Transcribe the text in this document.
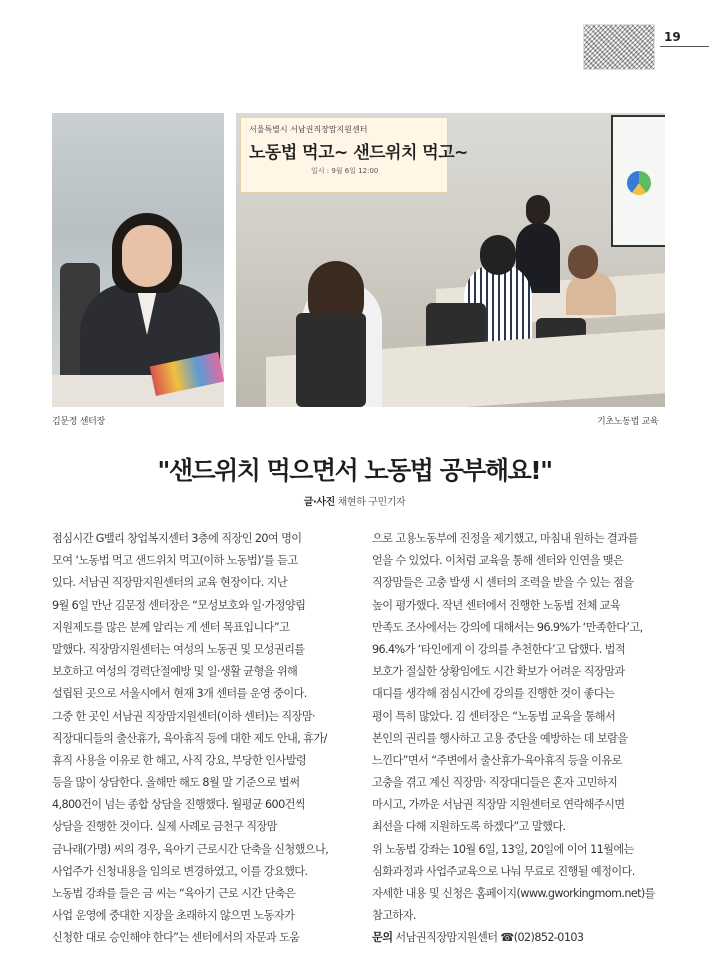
19
서울특별시 서남권직장맘지원센터
노동법 먹고~ 샌드위치 먹고~
일시 : 9월 6일 12:00
김문정 센터장	기초노동법 교육
"샌드위치 먹으면서 노동법 공부해요!"
글·사진 채현하 구민기자
점심시간 G밸리 창업복지센터 3층에 직장인 20여 명이
모여 ‘노동법 먹고 샌드위치 먹고(이하 노동법)’를 듣고
있다. 서남권 직장맘지원센터의 교육 현장이다. 지난
9월 6일 만난 김문정 센터장은 “모성보호와 일·가정양립
지원제도를 많은 분께 알리는 게 센터 목표입니다”고
말했다. 직장맘지원센터는 여성의 노동권 및 모성권리를
보호하고 여성의 경력단절예방 및 일·생활 균형을 위해
설립된 곳으로 서울시에서 현재 3개 센터를 운영 중이다.
그중 한 곳인 서남권 직장맘지원센터(이하 센터)는 직장맘·
직장대디들의 출산휴가, 육아휴직 등에 대한 제도 안내, 휴가/
휴직 사용을 이유로 한 해고, 사직 강요, 부당한 인사발령
등을 많이 상담한다. 올해만 해도 8월 말 기준으로 벌써
4,800건이 넘는 종합 상담을 진행했다. 월평균 600건씩
상담을 진행한 것이다. 실제 사례로 금천구 직장맘
금나래(가명) 씨의 경우, 육아기 근로시간 단축을 신청했으나,
사업주가 신청내용을 임의로 변경하였고, 이를 강요했다.
노동법 강좌를 들은 금 씨는 “육아기 근로 시간 단축은
사업 운영에 중대한 지장을 초래하지 않으면 노동자가
신청한 대로 승인해야 한다”는 센터에서의 자문과 도움
으로 고용노동부에 진정을 제기했고, 마침내 원하는 결과를
얻을 수 있었다. 이처럼 교육을 통해 센터와 인연을 맺은
직장맘들은 고충 발생 시 센터의 조력을 받을 수 있는 점을
높이 평가했다. 작년 센터에서 진행한 노동법 전체 교육
만족도 조사에서는 강의에 대해서는 96.9%가 ‘만족한다’고,
96.4%가 ‘타인에게 이 강의를 추천한다’고 답했다. 법적
보호가 절실한 상황임에도 시간 확보가 어려운 직장맘과
대디를 생각해 점심시간에 강의를 진행한 것이 좋다는
평이 특히 많았다. 김 센터장은 “노동법 교육을 통해서
본인의 권리를 행사하고 고용 중단을 예방하는 데 보람을
느낀다”면서 “주변에서 출산휴가·육아휴직 등을 이유로
고충을 겪고 계신 직장맘· 직장대디들은 혼자 고민하지
마시고, 가까운 서남권 직장맘 지원센터로 연락해주시면
최선을 다해 지원하도록 하겠다”고 말했다.
위 노동법 강좌는 10월 6일, 13일, 20일에 이어 11월에는
심화과정과 사업주교육으로 나눠 무료로 진행될 예정이다.
자세한 내용 및 신청은 홈페이지(www.gworkingmom.net)를
참고하자.
문의 서남권직장맘지원센터 ☎(02)852-0103
